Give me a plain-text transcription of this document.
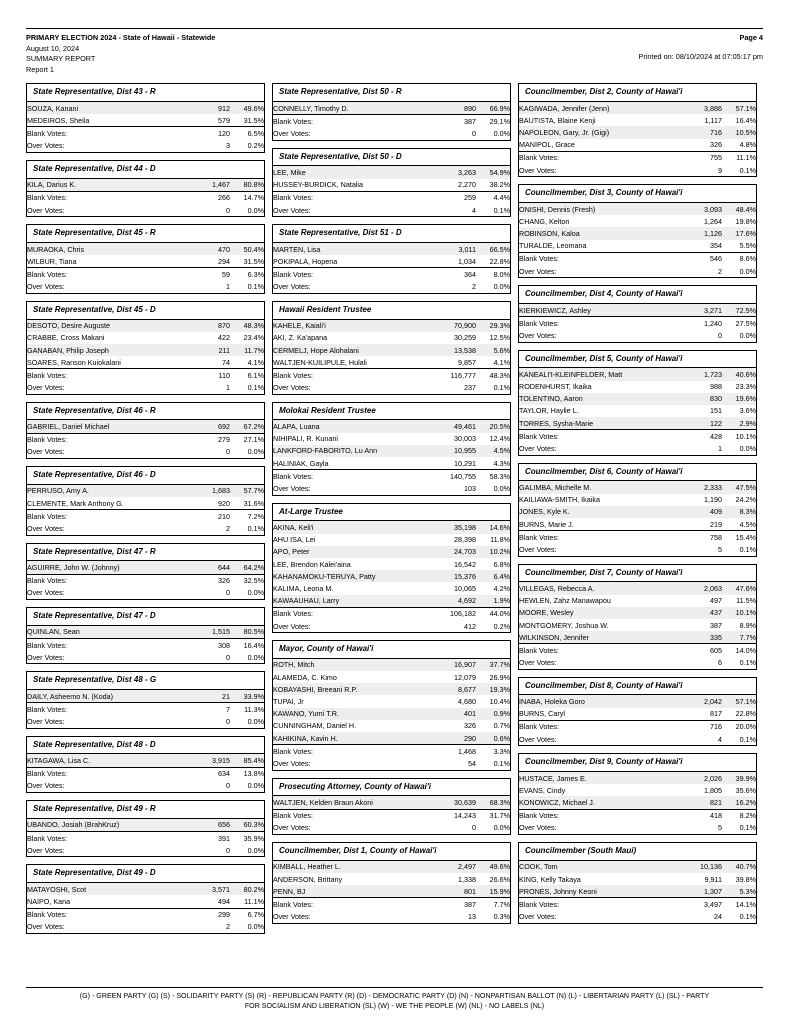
PRIMARY ELECTION 2024 - State of Hawaii - Statewide
August 10, 2024
SUMMARY REPORT
Report 1
Page 4
Printed on: 08/10/2024 at 07:05:17 pm
State Representative, Dist 43 - R
SOUZA, Kanani	912	49.6%
MEDEIROS, Sheila	579	31.5%
Blank Votes:	120	6.5%
Over Votes:	3	0.2%
State Representative, Dist 44 - D
KILA, Darius K.	1,467	80.8%
Blank Votes:	266	14.7%
Over Votes:	0	0.0%
State Representative, Dist 45 - R
MURAOKA, Chris	470	50.4%
WILBUR, Tiana	294	31.5%
Blank Votes:	59	6.3%
Over Votes:	1	0.1%
State Representative, Dist 45 - D
DESOTO, Desire Auguste	870	48.3%
CRABBE, Cross Makani	422	23.4%
GANABAN, Philip Joseph	211	11.7%
SOARES, Ranson Kuiokalani	74	4.1%
Blank Votes:	110	6.1%
Over Votes:	1	0.1%
State Representative, Dist 46 - R
GABRIEL, Daniel Michael	692	67.2%
Blank Votes:	279	27.1%
Over Votes:	0	0.0%
State Representative, Dist 46 - D
PERRUSO, Amy A.	1,683	57.7%
CLEMENTE, Mark Anthony G.	920	31.6%
Blank Votes:	210	7.2%
Over Votes:	2	0.1%
State Representative, Dist 47 - R
AGUIRRE, John W. (Johnny)	644	64.2%
Blank Votes:	326	32.5%
Over Votes:	0	0.0%
State Representative, Dist 47 - D
QUINLAN, Sean	1,515	80.5%
Blank Votes:	308	16.4%
Over Votes:	0	0.0%
State Representative, Dist 48 - G
DAILY, Asheemo N. (Koda)	21	33.9%
Blank Votes:	7	11.3%
Over Votes:	0	0.0%
State Representative, Dist 48 - D
KITAGAWA, Lisa C.	3,915	85.4%
Blank Votes:	634	13.8%
Over Votes:	0	0.0%
State Representative, Dist 49 - R
UBANDO, Josiah (BrahKruz)	656	60.3%
Blank Votes:	391	35.9%
Over Votes:	0	0.0%
State Representative, Dist 49 - D
MATAYOSHI, Scot	3,571	80.2%
NAIPO, Kana	494	11.1%
Blank Votes:	299	6.7%
Over Votes:	2	0.0%
State Representative, Dist 50 - R
CONNELLY, Timothy D.	890	66.9%
Blank Votes:	387	29.1%
Over Votes:	0	0.0%
State Representative, Dist 50 - D
LEE, Mike	3,263	54.9%
HUSSEY-BURDICK, Natalia	2,270	38.2%
Blank Votes:	259	4.4%
Over Votes:	4	0.1%
State Representative, Dist 51 - D
MARTEN, Lisa	3,011	66.5%
POKIPALA, Hopena	1,034	22.8%
Blank Votes:	364	8.0%
Over Votes:	2	0.0%
Hawaii Resident Trustee
KAHELE, Kaiali'i	70,900	29.3%
AKI, Z. Ka'apana	30,259	12.5%
CERMELJ, Hope Alohalani	13,538	5.6%
WALTJEN-KUILIPULE, Hulali	9,857	4.1%
Blank Votes:	116,777	48.3%
Over Votes:	237	0.1%
Molokai Resident Trustee
ALAPA, Luana	49,461	20.5%
NIHIPALI, R. Kunani	30,003	12.4%
LANKFORD-FABORITO, Lu Ann	10,955	4.5%
HALINIAK, Gayla	10,291	4.3%
Blank Votes:	140,755	58.3%
Over Votes:	103	0.0%
At-Large Trustee
AKINA, Keli'i	35,198	14.6%
AHU ISA, Lei	28,398	11.8%
APO, Peter	24,703	10.2%
LEE, Brendon Kalei'aina	16,542	6.8%
KAHANAMOKU-TERUYA, Patty	15,376	6.4%
KALIMA, Leona M.	10,065	4.2%
KAWAAUHAU, Larry	4,692	1.9%
Blank Votes:	106,182	44.0%
Over Votes:	412	0.2%
Mayor, County of Hawai'i
ROTH, Mitch	16,907	37.7%
ALAMEDA, C. Kimo	12,079	26.9%
KOBAYASHI, Breeani R.P.	8,677	19.3%
TUPAI, Jr	4,680	10.4%
KAWANO, Yumi T.R.	401	0.9%
CUNNINGHAM, Daniel H.	326	0.7%
KAHIKINA, Kavin H.	290	0.6%
Blank Votes:	1,468	3.3%
Over Votes:	54	0.1%
Prosecuting Attorney, County of Hawai'i
WALTJEN, Kelden Braun Akoni	30,639	68.3%
Blank Votes:	14,243	31.7%
Over Votes:	0	0.0%
Councilmember, Dist 1, County of Hawai'i
KIMBALL, Heather L.	2,497	49.6%
ANDERSON, Brittany	1,338	26.6%
PENN, BJ	801	15.9%
Blank Votes:	387	7.7%
Over Votes:	13	0.3%
Councilmember, Dist 2, County of Hawai'i
KAGIWADA, Jennifer (Jenn)	3,886	57.1%
BAUTISTA, Blaine Kenji	1,117	16.4%
NAPOLEON, Gary, Jr. (Gigi)	716	10.5%
MANIPOL, Grace	326	4.8%
Blank Votes:	755	11.1%
Over Votes:	9	0.1%
Councilmember, Dist 3, County of Hawai'i
ONISHI, Dennis (Fresh)	3,093	48.4%
CHANG, Kelton	1,264	19.8%
ROBINSON, Kaloa	1,126	17.6%
TURALDE, Leomana	354	5.5%
Blank Votes:	546	8.6%
Over Votes:	2	0.0%
Councilmember, Dist 4, County of Hawai'i
KIERKIEWICZ, Ashley	3,271	72.5%
Blank Votes:	1,240	27.5%
Over Votes:	0	0.0%
Councilmember, Dist 5, County of Hawai'i
KANEALI'I-KLEINFELDER, Matt	1,723	40.6%
RODENHURST, Ikaika	988	23.3%
TOLENTINO, Aaron	830	19.6%
TAYLOR, Haylie L.	151	3.6%
TORRES, Sysha-Marie	122	2.9%
Blank Votes:	428	10.1%
Over Votes:	1	0.0%
Councilmember, Dist 6, County of Hawai'i
GALIMBA, Michelle M.	2,333	47.5%
KAILIAWA-SMITH, Ikaika	1,190	24.2%
JONES, Kyle K.	409	8.3%
BURNS, Marie J.	219	4.5%
Blank Votes:	758	15.4%
Over Votes:	5	0.1%
Councilmember, Dist 7, County of Hawai'i
VILLEGAS, Rebecca A.	2,063	47.6%
HEWLEN, Zahz Manawapou	497	11.5%
MOORE, Wesley	437	10.1%
MONTGOMERY, Joshua W.	387	8.9%
WILKINSON, Jennifer	335	7.7%
Blank Votes:	605	14.0%
Over Votes:	6	0.1%
Councilmember, Dist 8, County of Hawai'i
INABA, Holeka Goro	2,042	57.1%
BURNS, Caryl	817	22.8%
Blank Votes:	716	20.0%
Over Votes:	4	0.1%
Councilmember, Dist 9, County of Hawai'i
HUSTACE, James E.	2,026	39.9%
EVANS, Cindy	1,805	35.6%
KONOWICZ, Michael J.	821	16.2%
Blank Votes:	418	8.2%
Over Votes:	5	0.1%
Councilmember (South Maui)
COOK, Tom	10,136	40.7%
KING, Kelly Takaya	9,911	39.8%
PRONES, Johnny Keoni	1,307	5.3%
Blank Votes:	3,497	14.1%
Over Votes:	24	0.1%
(G) - GREEN PARTY (G) (S) - SOLIDARITY PARTY (S) (R) - REPUBLICAN PARTY (R) (D) - DEMOCRATIC PARTY (D) (N) - NONPARTISAN BALLOT (N) (L) - LIBERTARIAN PARTY (L) (SL) - PARTY
FOR SOCIALISM AND LIBERATION (SL) (W) - WE THE PEOPLE (W) (NL) - NO LABELS (NL)
